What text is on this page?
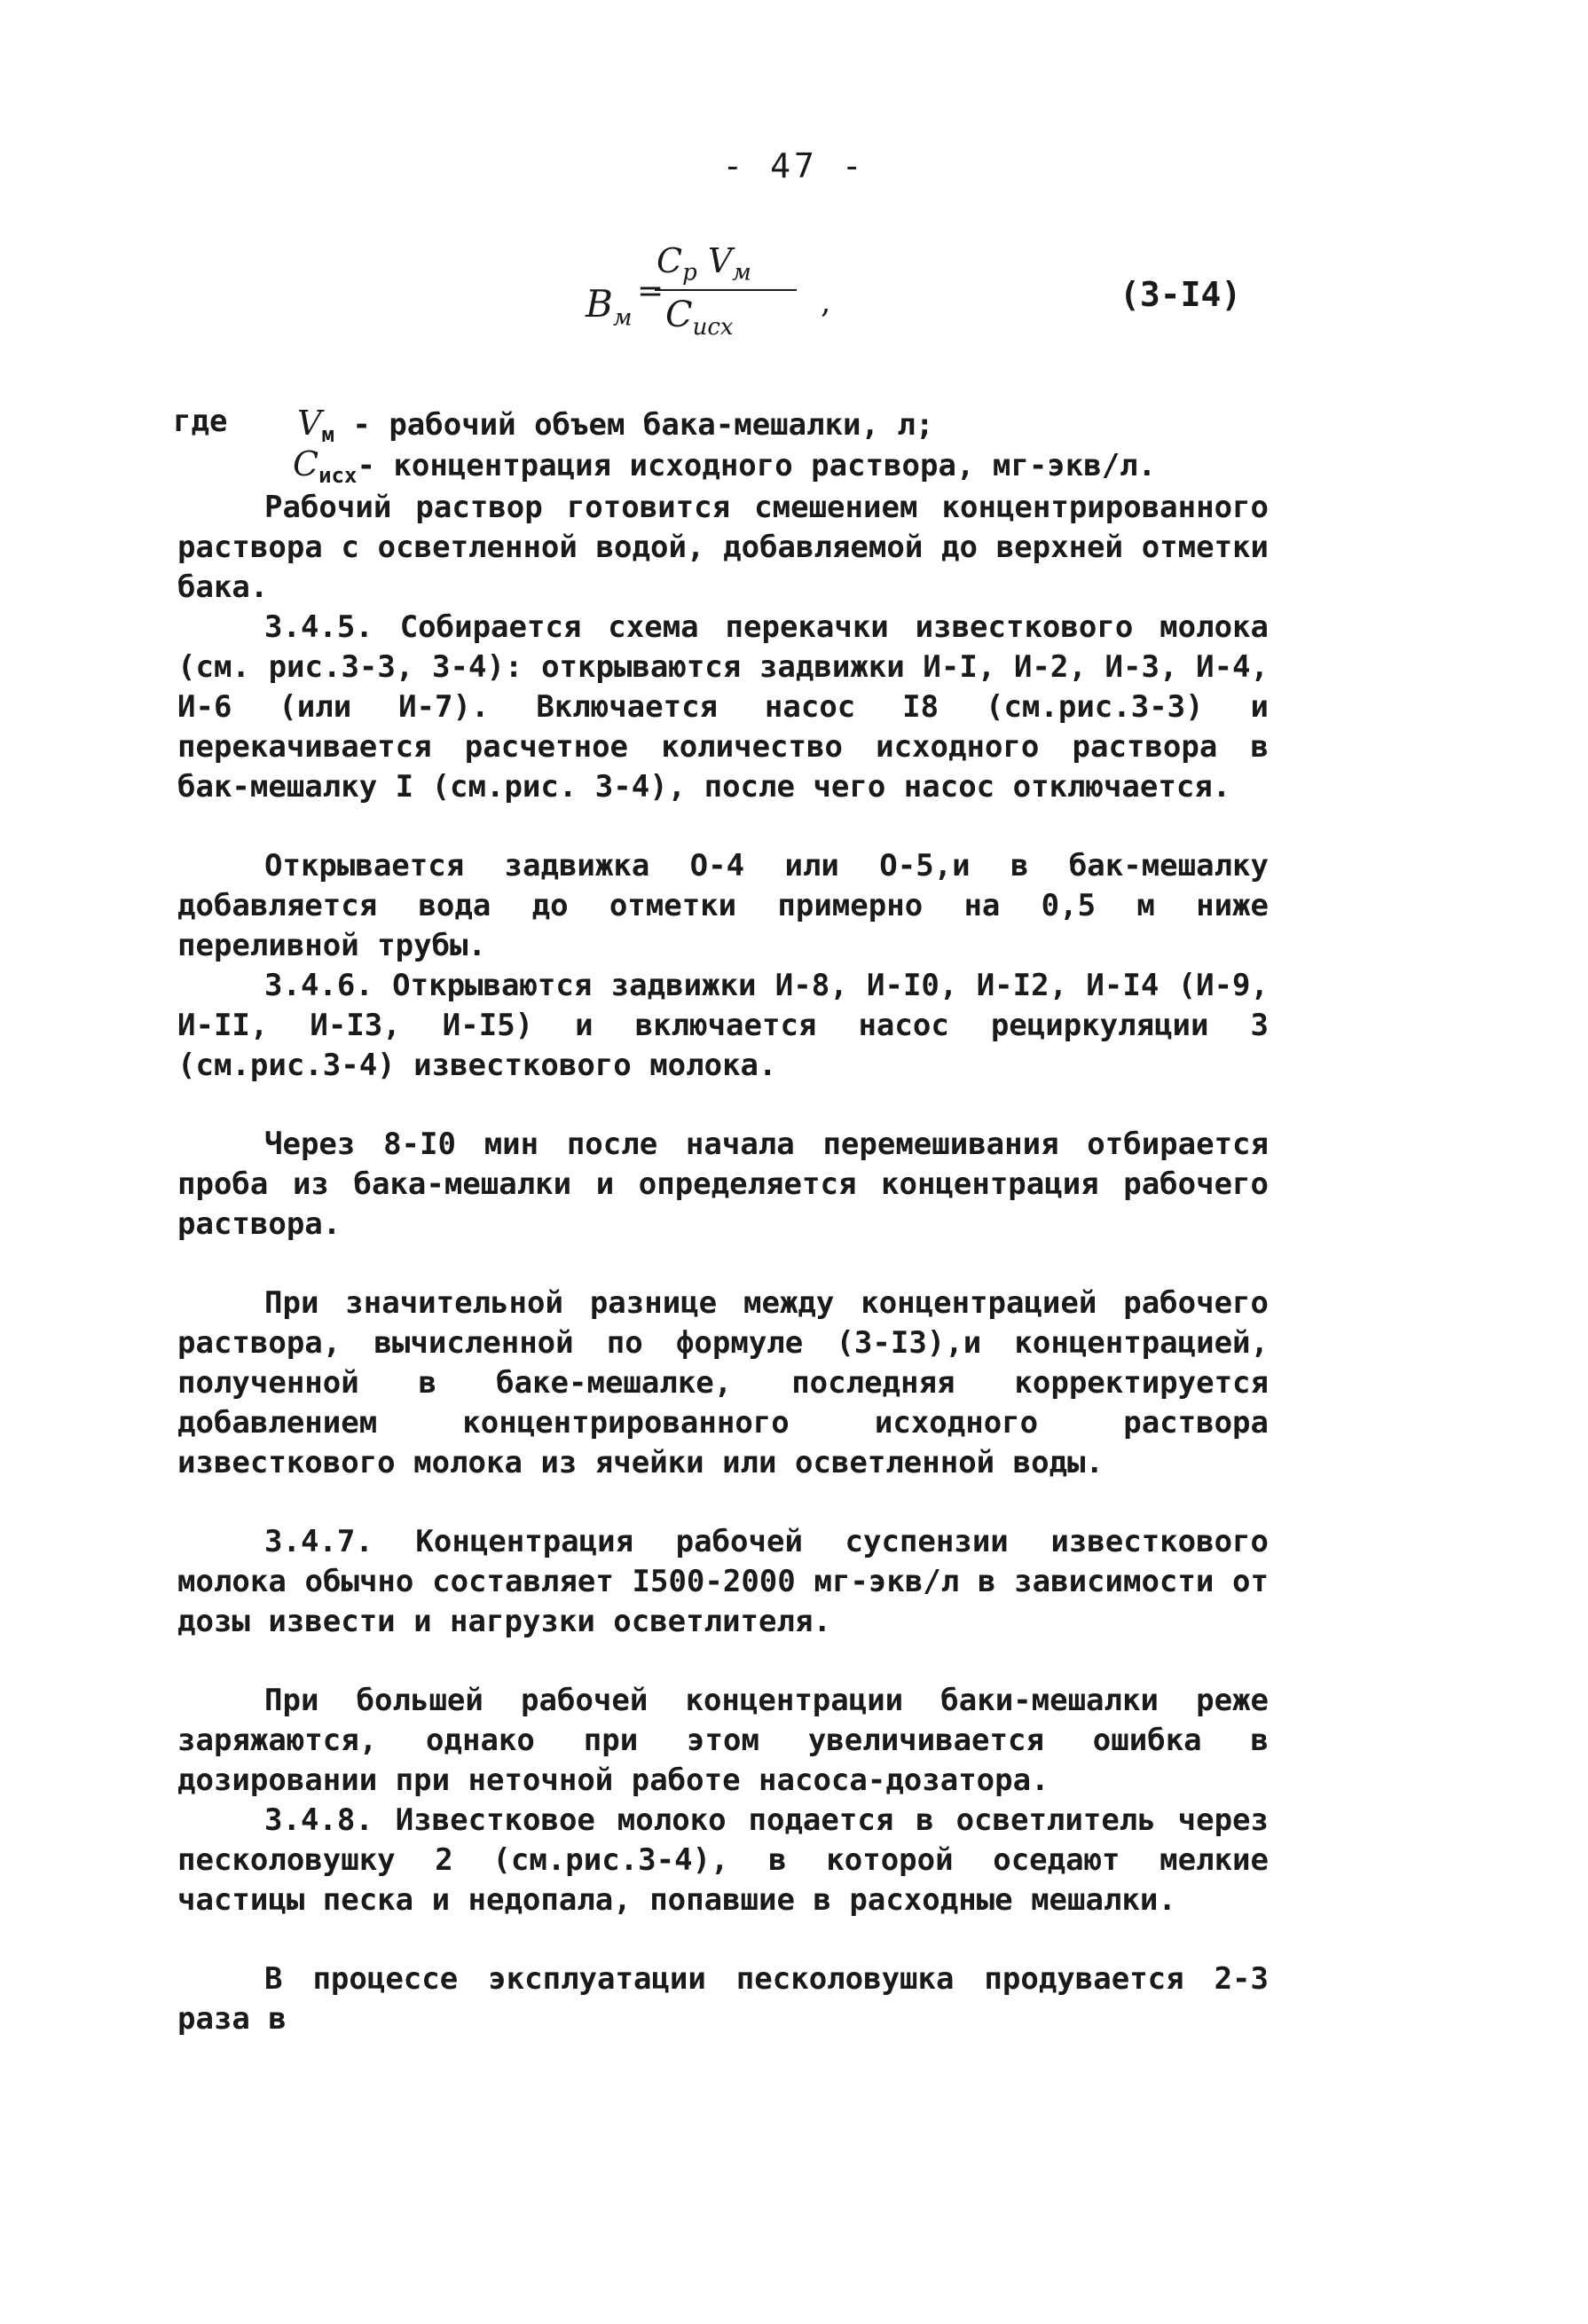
- 47 -
$B_м$
=
$C_p$ $V_м$
$C_{исх}$
,	(3-I4)
где $V_м$ - рабочий объем бака-мешалки, л;
$C_{исх}-$ концентрация исходного раствора, мг-экв/л.

Рабочий раствор готовится смешением концентрированного раствора с осветленной водой, добавляемой до верхней отметки бака.

3.4.5. Собирается схема перекачки известкового молока (см. рис.3-3, 3-4): открываются задвижки И-I, И-2, И-3, И-4, И-6 (или И-7). Включается насос I8 (см.рис.3-3) и перекачивается расчетное количество исходного раствора в бак-мешалку I (см.рис. 3-4), после чего насос отключается.

Открывается задвижка О-4 или О-5,и в бак-мешалку добавляется вода до отметки примерно на 0,5 м ниже переливной трубы.

3.4.6. Открываются задвижки И-8, И-I0, И-I2, И-I4 (И-9, И-II, И-I3, И-I5) и включается насос рециркуляции 3 (см.рис.3-4) известкового молока.

Через 8-I0 мин после начала перемешивания отбирается проба из бака-мешалки и определяется концентрация рабочего раствора.

При значительной разнице между концентрацией рабочего раствора, вычисленной по формуле (3-I3),и концентрацией, полученной в баке-мешалке, последняя корректируется добавлением концентрированного исходного раствора известкового молока из ячейки или осветленной воды.

3.4.7. Концентрация рабочей суспензии известкового молока обычно составляет I500-2000 мг-экв/л в зависимости от дозы извести и нагрузки осветлителя.

При большей рабочей концентрации баки-мешалки реже заряжаются, однако при этом увеличивается ошибка в дозировании при неточной работе насоса-дозатора.

3.4.8. Известковое молоко подается в осветлитель через песколовушку 2 (см.рис.3-4), в которой оседают мелкие частицы песка и недопала, попавшие в расходные мешалки.

В процессе эксплуатации песколовушка продувается 2-3 раза в
